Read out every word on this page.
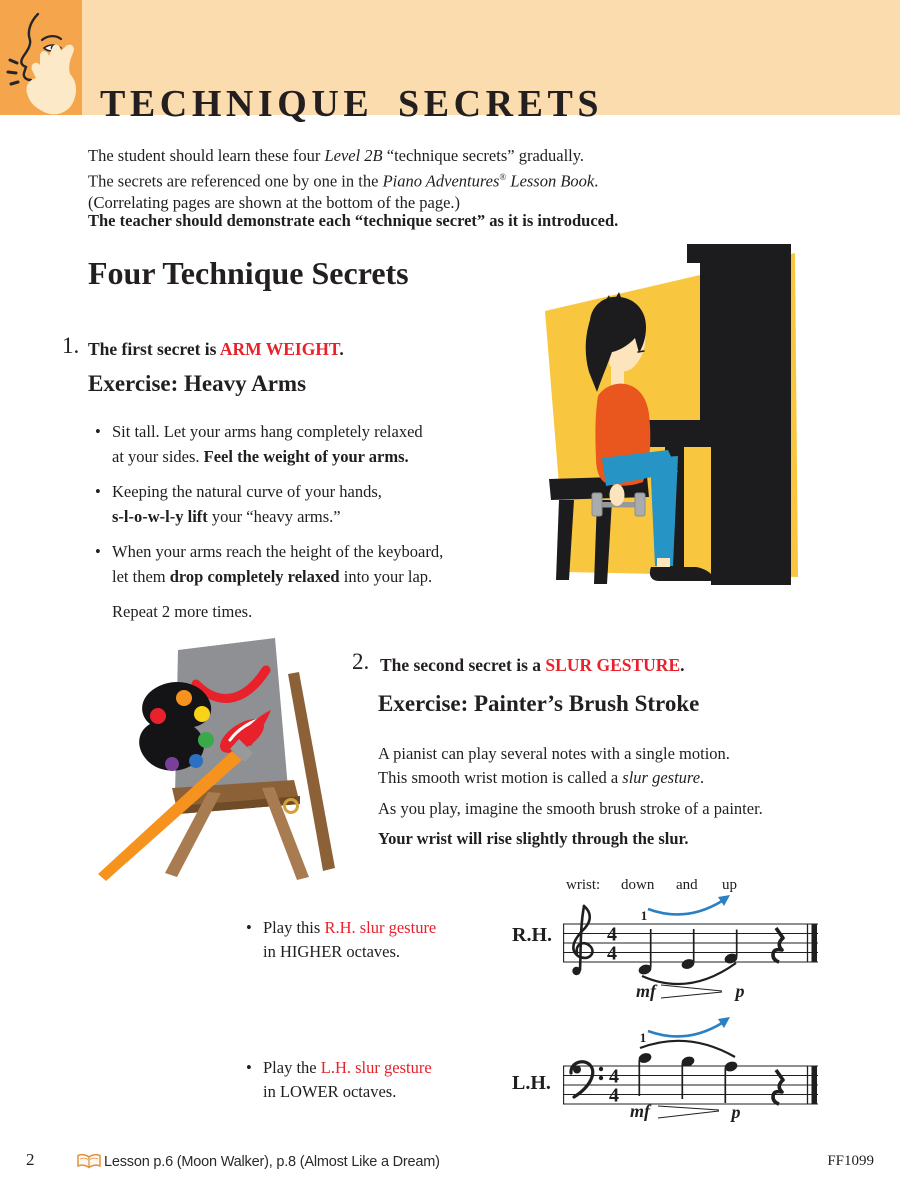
TECHNIQUE SECRETS
The student should learn these four Level 2B “technique secrets” gradually.
The secrets are referenced one by one in the Piano Adventures® Lesson Book.
(Correlating pages are shown at the bottom of the page.)
The teacher should demonstrate each “technique secret” as it is introduced.
Four Technique Secrets
1. The first secret is ARM WEIGHT.
Exercise: Heavy Arms
• Sit tall. Let your arms hang completely relaxed
at your sides. Feel the weight of your arms.
• Keeping the natural curve of your hands,
s-l-o-w-l-y lift your “heavy arms.”
• When your arms reach the height of the keyboard,
let them drop completely relaxed into your lap.
Repeat 2 more times.
2. The second secret is a SLUR GESTURE.
Exercise: Painter’s Brush Stroke
A pianist can play several notes with a single motion.
This smooth wrist motion is called a slur gesture.
As you play, imagine the smooth brush stroke of a painter.
Your wrist will rise slightly through the slur.
• Play this R.H. slur gesture
in HIGHER octaves.
• Play the L.H. slur gesture
in LOWER octaves.
wrist: down and up
R.H.	4
4
1
mf	p
1
L.H.	4
4
mf	p
2	Lesson p.6 (Moon Walker), p.8 (Almost Like a Dream)	FF1099
